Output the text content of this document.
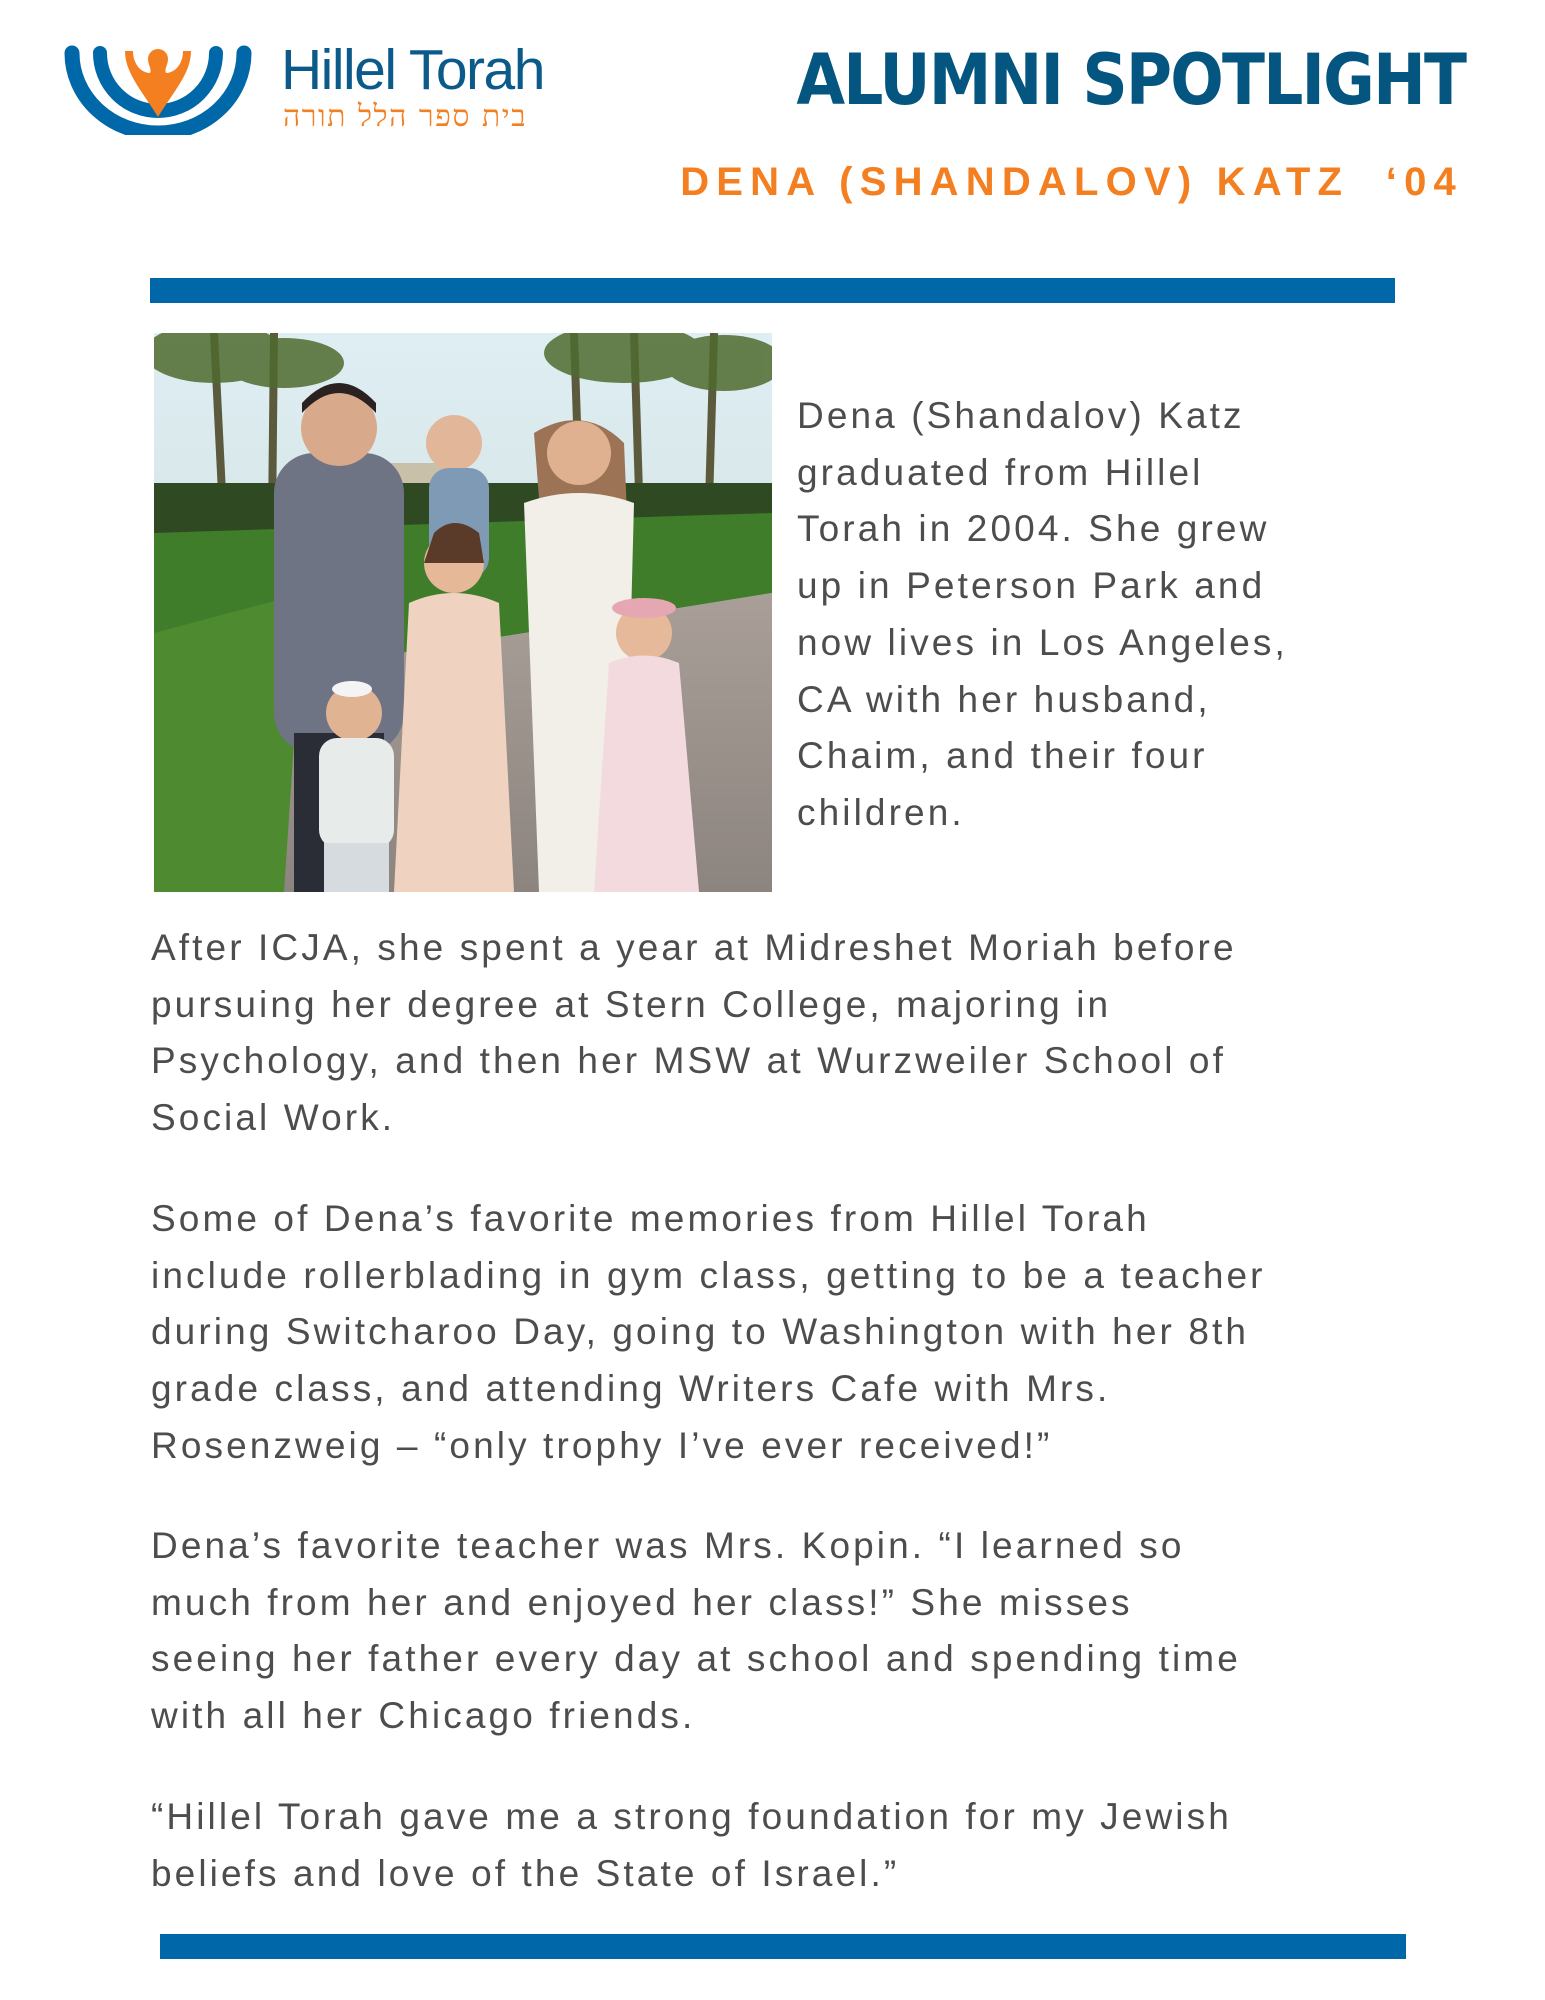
Hillel Torah
בית ספר הלל תורה	ALUMNI SPOTLIGHT
DENA (SHANDALOV) KATZ  ‘04

Dena (Shandalov) Katz
graduated from Hillel
Torah in 2004. She grew
up in Peterson Park and
now lives in Los Angeles,
CA with her husband,
Chaim, and their four
children.

After ICJA, she spent a year at Midreshet Moriah before
pursuing her degree at Stern College, majoring in
Psychology, and then her MSW at Wurzweiler School of
Social Work.

Some of Dena’s favorite memories from Hillel Torah
include rollerblading in gym class, getting to be a teacher
during Switcharoo Day, going to Washington with her 8th
grade class, and attending Writers Cafe with Mrs.
Rosenzweig – “only trophy I’ve ever received!”

Dena’s favorite teacher was Mrs. Kopin. “I learned so
much from her and enjoyed her class!” She misses
seeing her father every day at school and spending time
with all her Chicago friends.

“Hillel Torah gave me a strong foundation for my Jewish
beliefs and love of the State of Israel.”
